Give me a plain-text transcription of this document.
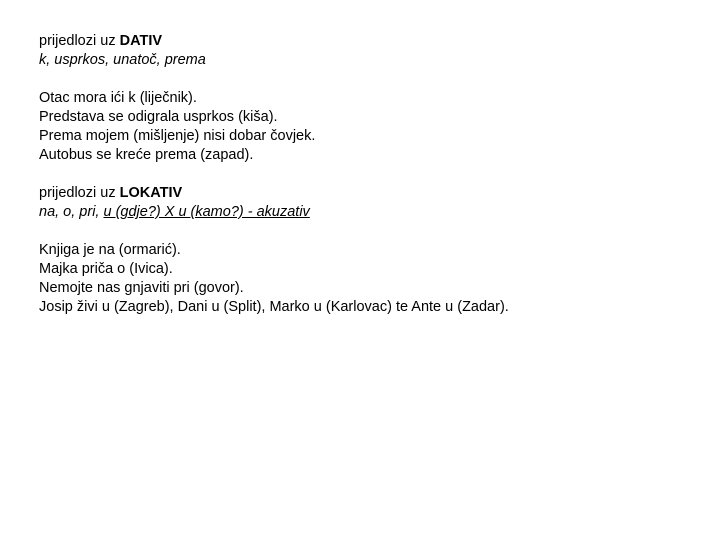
prijedlozi uz DATIV
k, usprkos, unatoč, prema
Otac mora ići k (liječnik).
Predstava se odigrala usprkos (kiša).
Prema mojem (mišljenje) nisi dobar čovjek.
Autobus se kreće prema (zapad).
prijedlozi uz LOKATIV
na, o, pri, u (gdje?) X u (kamo?) - akuzativ
Knjiga je na (ormarić).
Majka priča o (Ivica).
Nemojte nas gnjaviti pri (govor).
Josip živi u (Zagreb), Dani u (Split), Marko u (Karlovac) te Ante u (Zadar).
